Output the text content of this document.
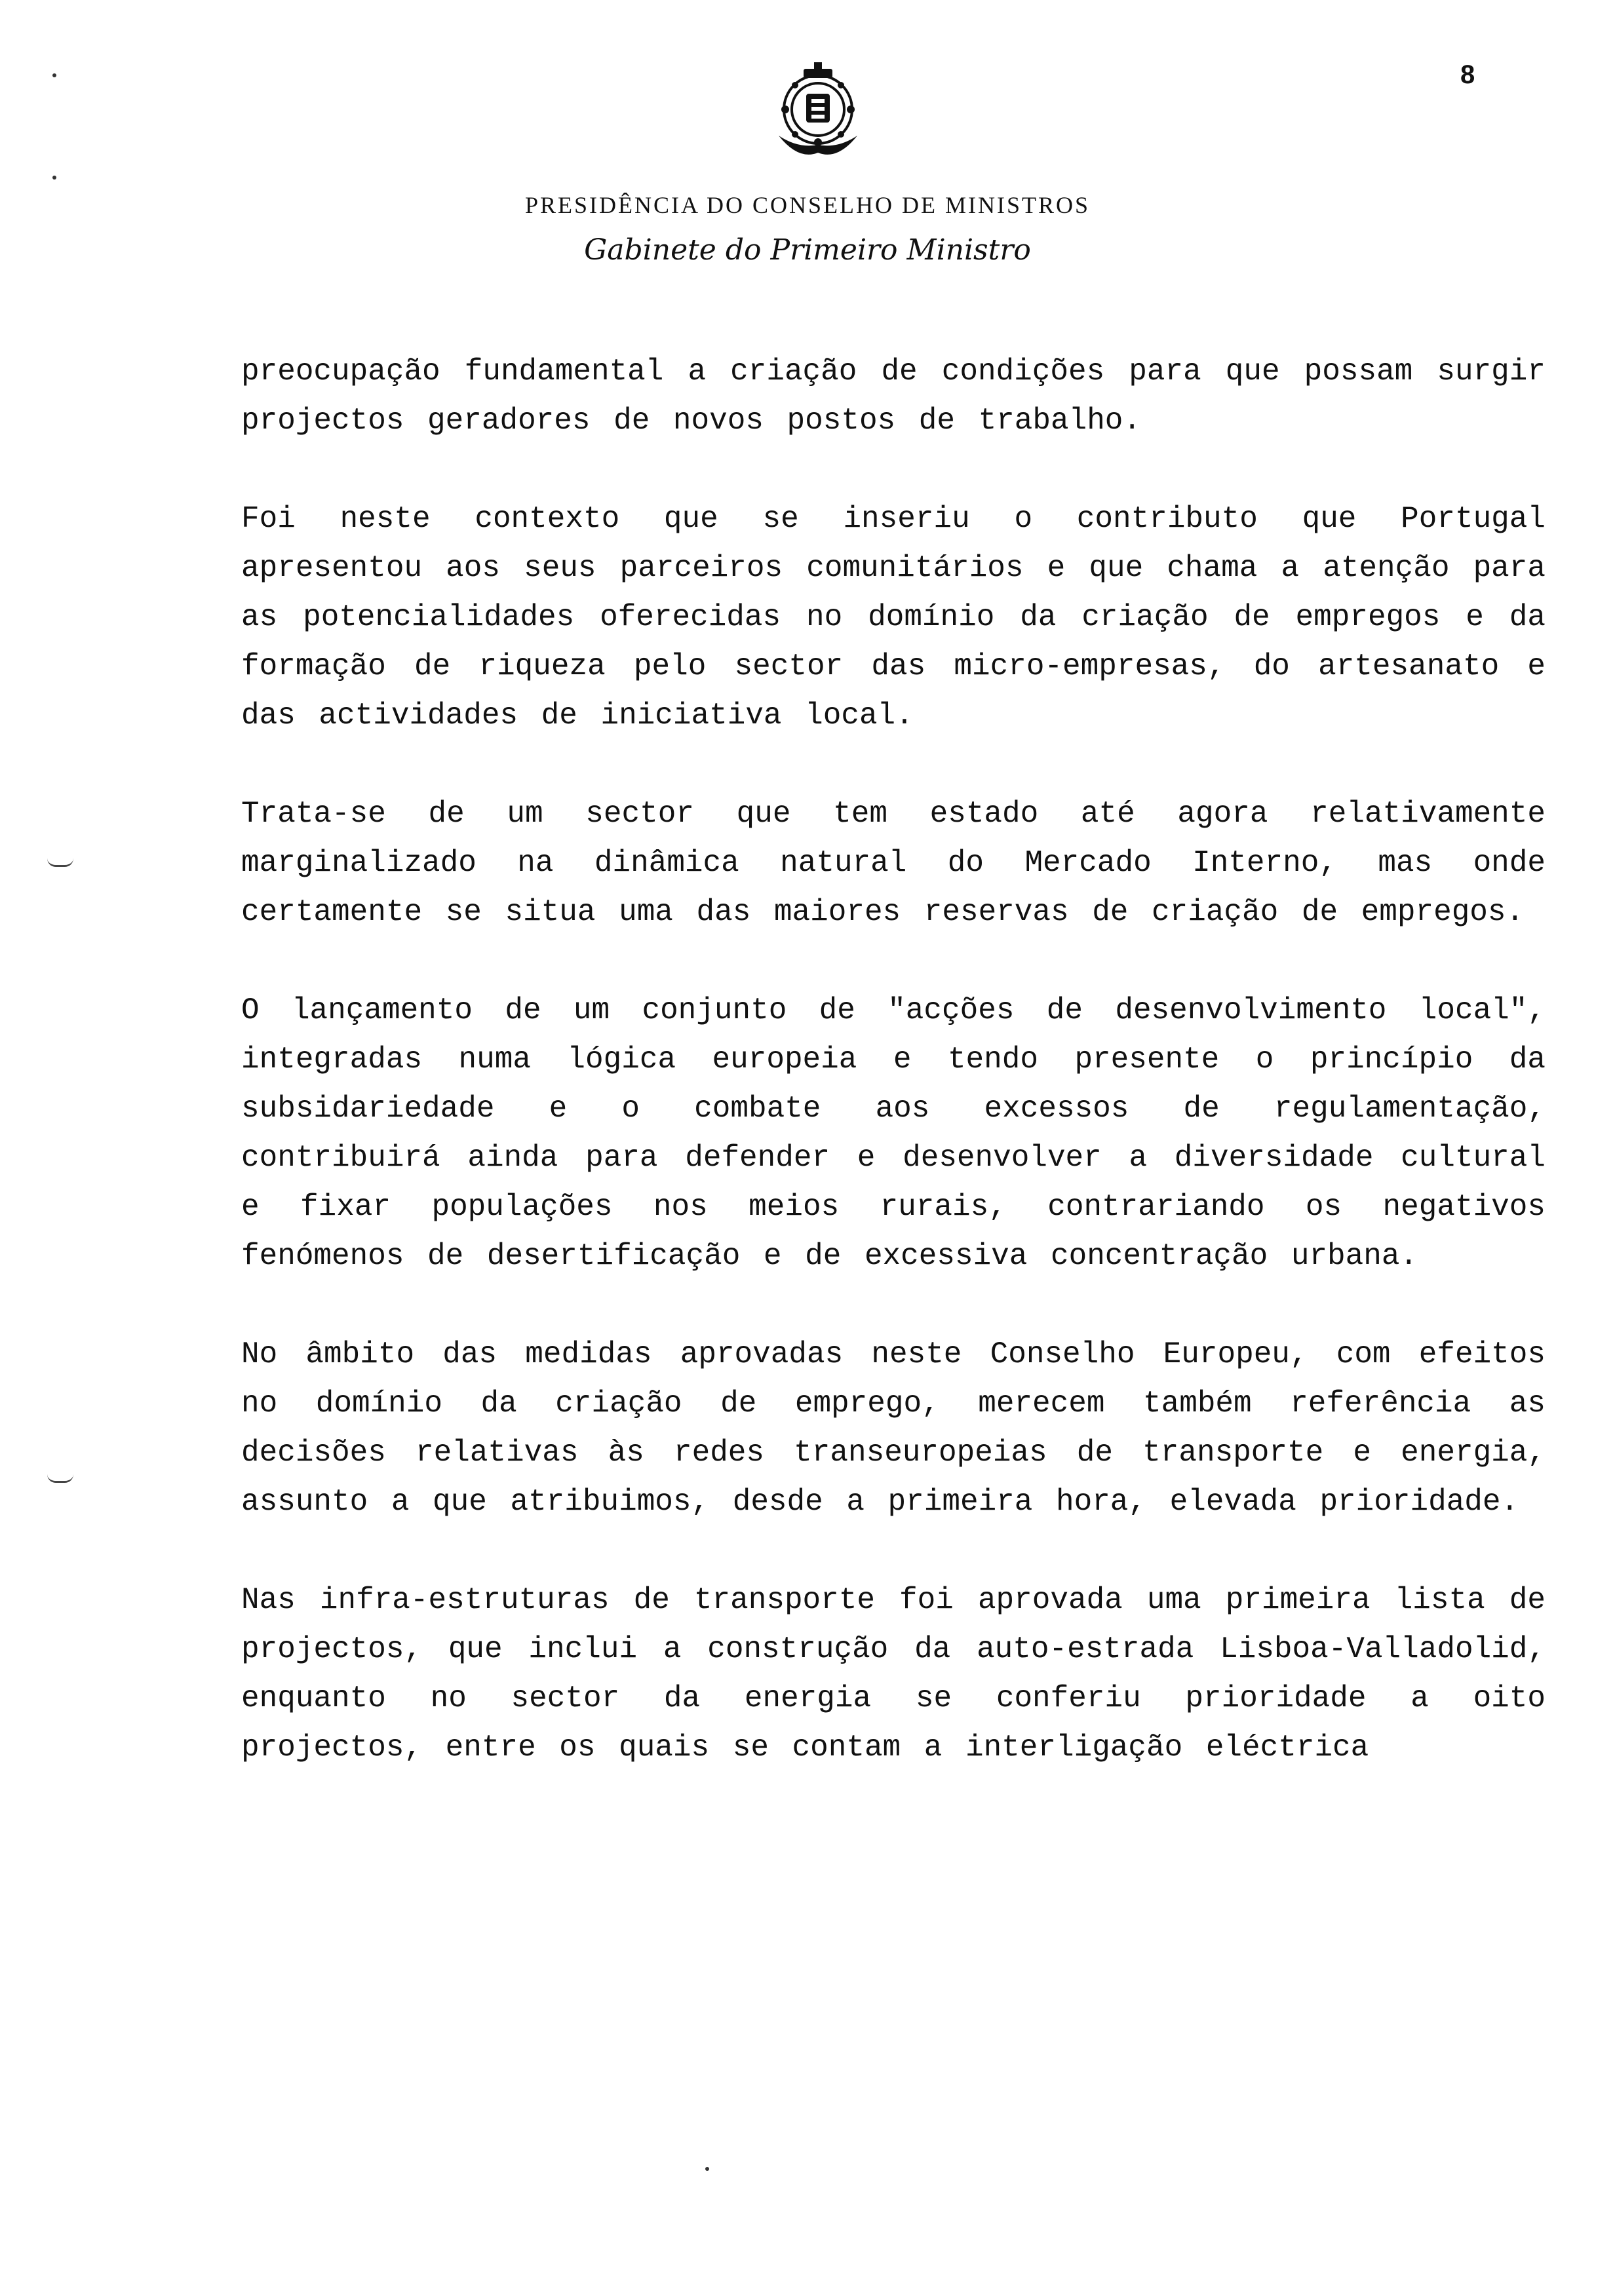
8
PRESIDÊNCIA DO CONSELHO DE MINISTROS
Gabinete do Primeiro Ministro

preocupação fundamental a criação de condições para que possam surgir projectos geradores de novos postos de trabalho.

Foi neste contexto que se inseriu o contributo que Portugal apresentou aos seus parceiros comunitários e que chama a atenção para as potencialidades oferecidas no domínio da criação de empregos e da formação de riqueza pelo sector das micro-empresas, do artesanato e das actividades de iniciativa local.

Trata-se de um sector que tem estado até agora relativamente marginalizado na dinâmica natural do Mercado Interno, mas onde certamente se situa uma das maiores reservas de criação de empregos.

O lançamento de um conjunto de "acções de desenvolvimento local", integradas numa lógica europeia e tendo presente o princípio da subsidariedade e o combate aos excessos de regulamentação, contribuirá ainda para defender e desenvolver a diversidade cultural e fixar populações nos meios rurais, contrariando os negativos fenómenos de desertificação e de excessiva concentração urbana.

No âmbito das medidas aprovadas neste Conselho Europeu, com efeitos no domínio da criação de emprego, merecem também referência as decisões relativas às redes transeuropeias de transporte e energia, assunto a que atribuimos, desde a primeira hora, elevada prioridade.

Nas infra-estruturas de transporte foi aprovada uma primeira lista de projectos, que inclui a construção da auto-estrada Lisboa-Valladolid, enquanto no sector da energia se conferiu prioridade a oito projectos, entre os quais se contam a interligação eléctrica
